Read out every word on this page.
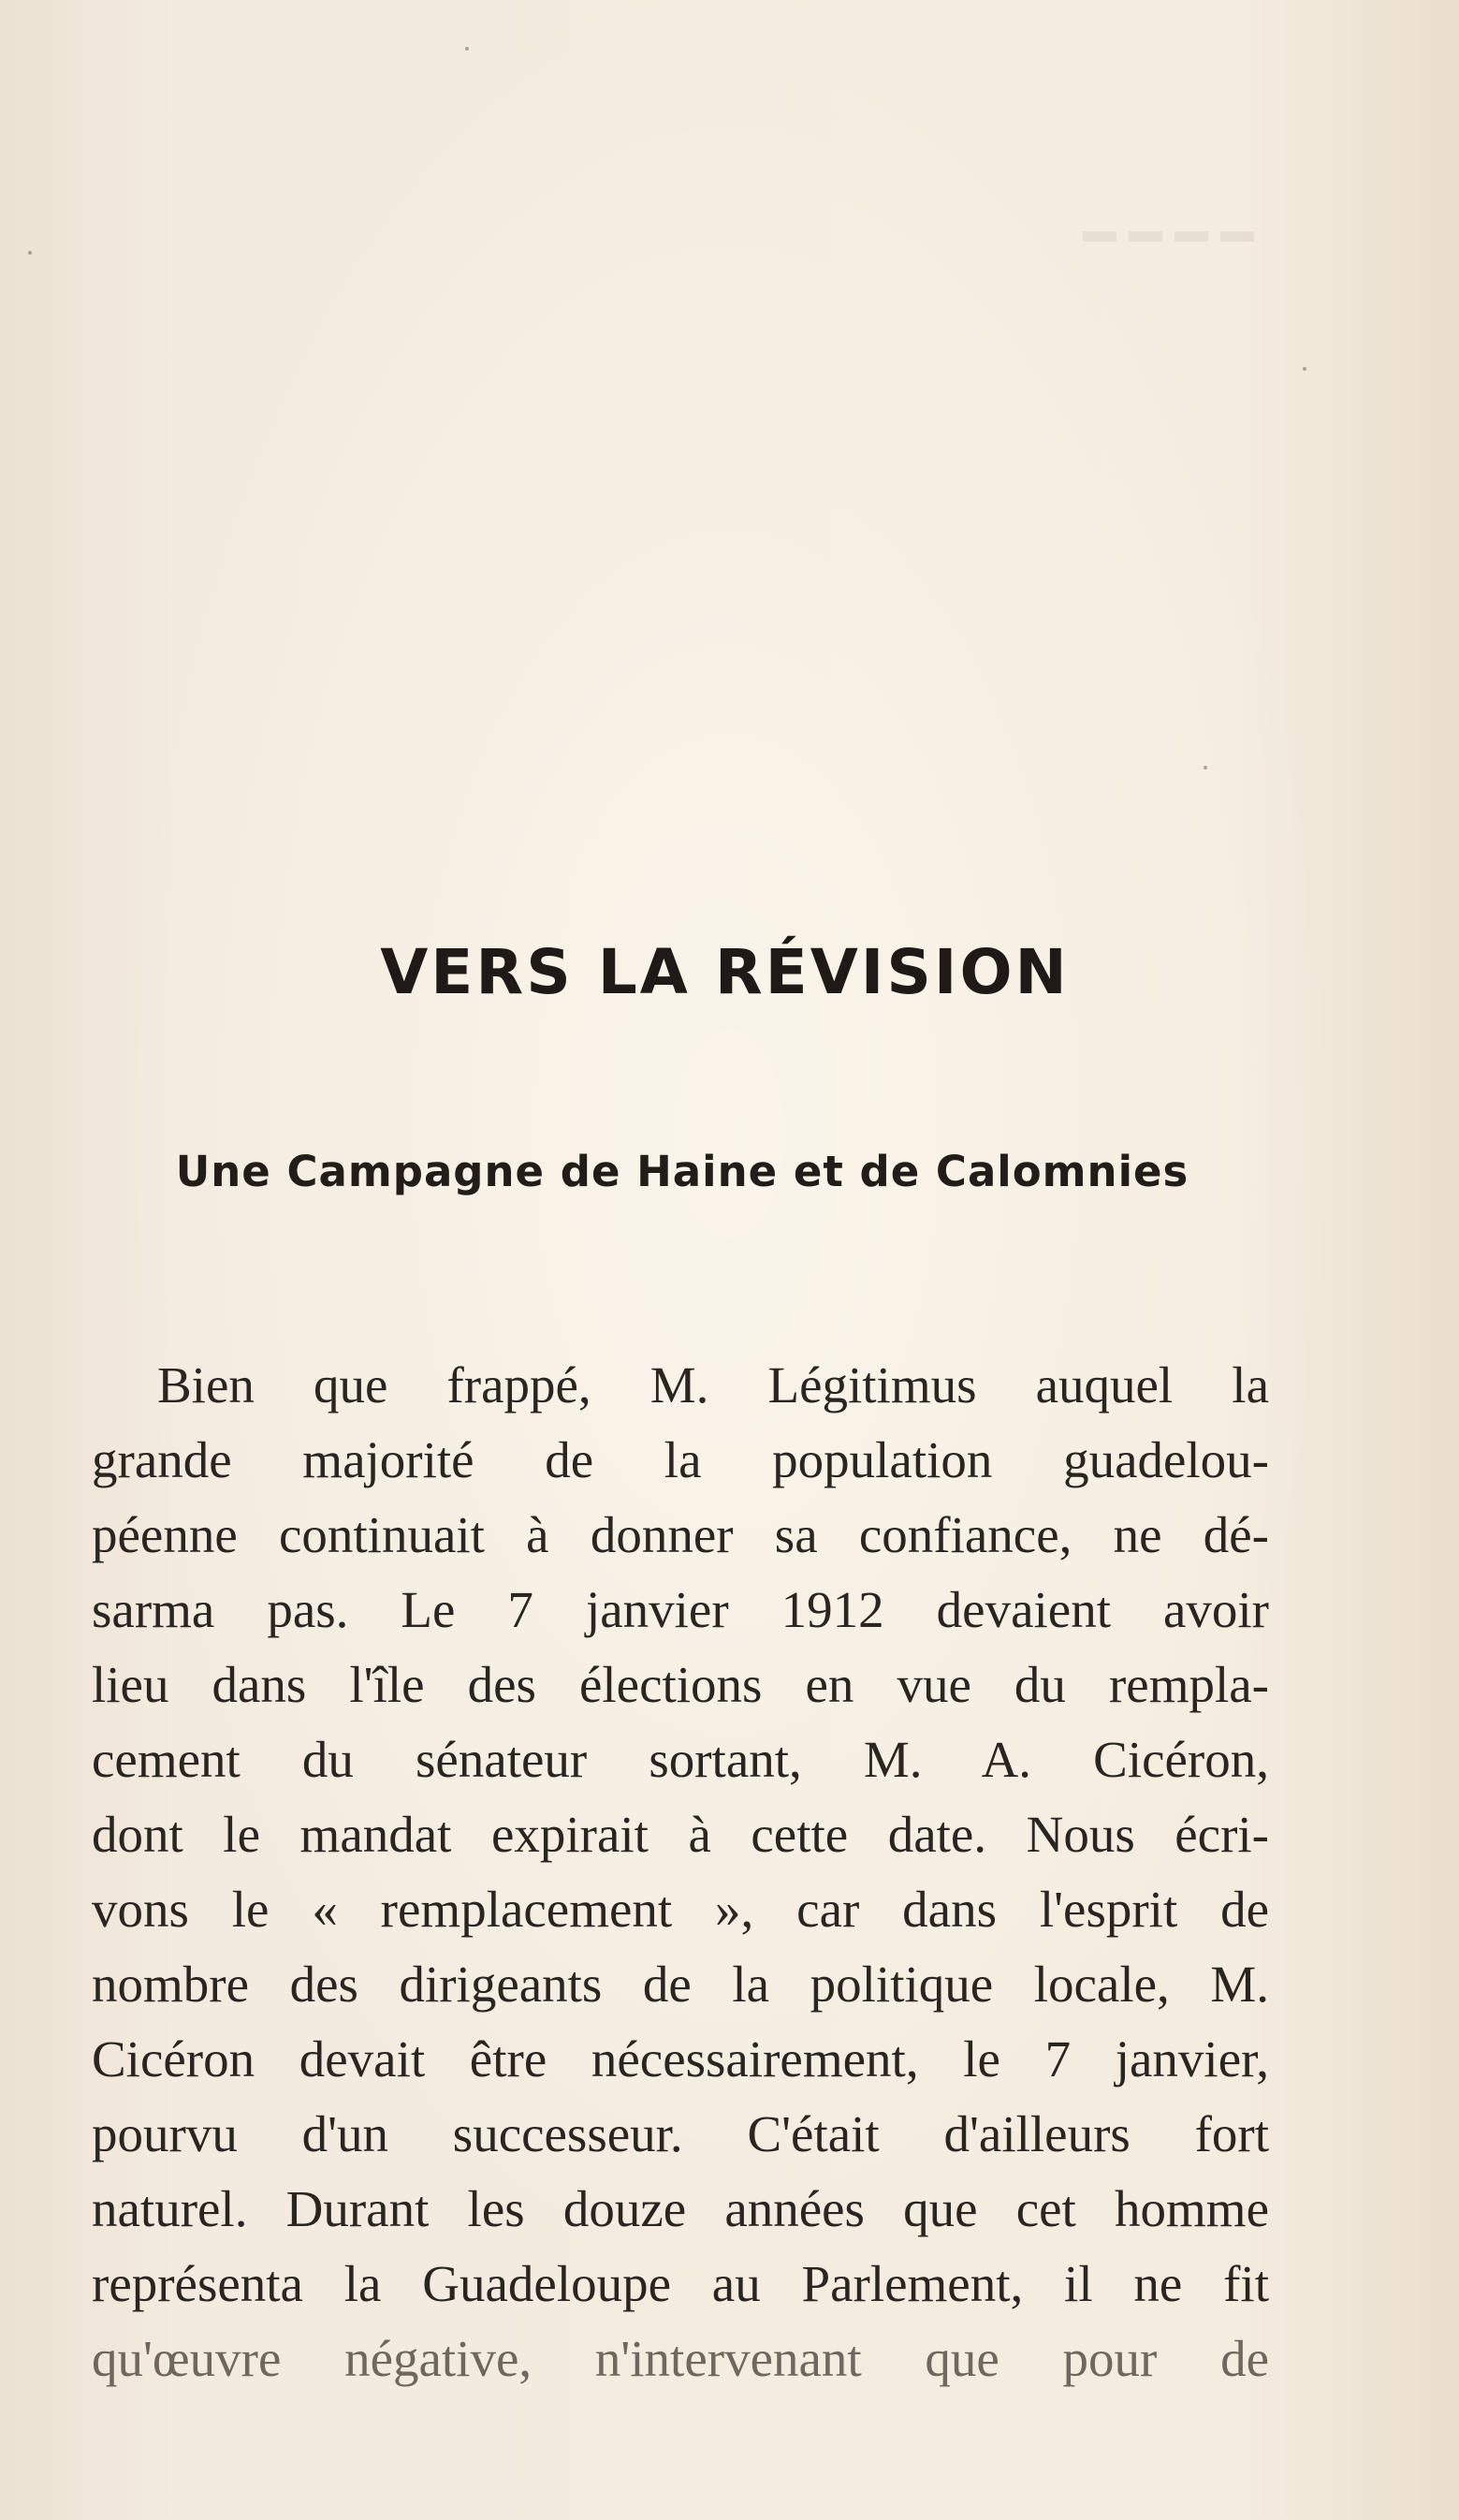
▬ ▬ ▬ ▬
VERS LA RÉVISION
Une Campagne de Haine et de Calomnies
Bien que frappé, M. Légitimus auquel la
grande majorité de la population guadelou-
péenne continuait à donner sa confiance, ne dé-
sarma pas. Le 7 janvier 1912 devaient avoir
lieu dans l'île des élections en vue du rempla-
cement du sénateur sortant, M. A. Cicéron,
dont le mandat expirait à cette date. Nous écri-
vons le « remplacement », car dans l'esprit de
nombre des dirigeants de la politique locale, M.
Cicéron devait être nécessairement, le 7 janvier,
pourvu d'un successeur. C'était d'ailleurs fort
naturel. Durant les douze années que cet homme
représenta la Guadeloupe au Parlement, il ne fit
qu'œuvre négative, n'intervenant que pour de
